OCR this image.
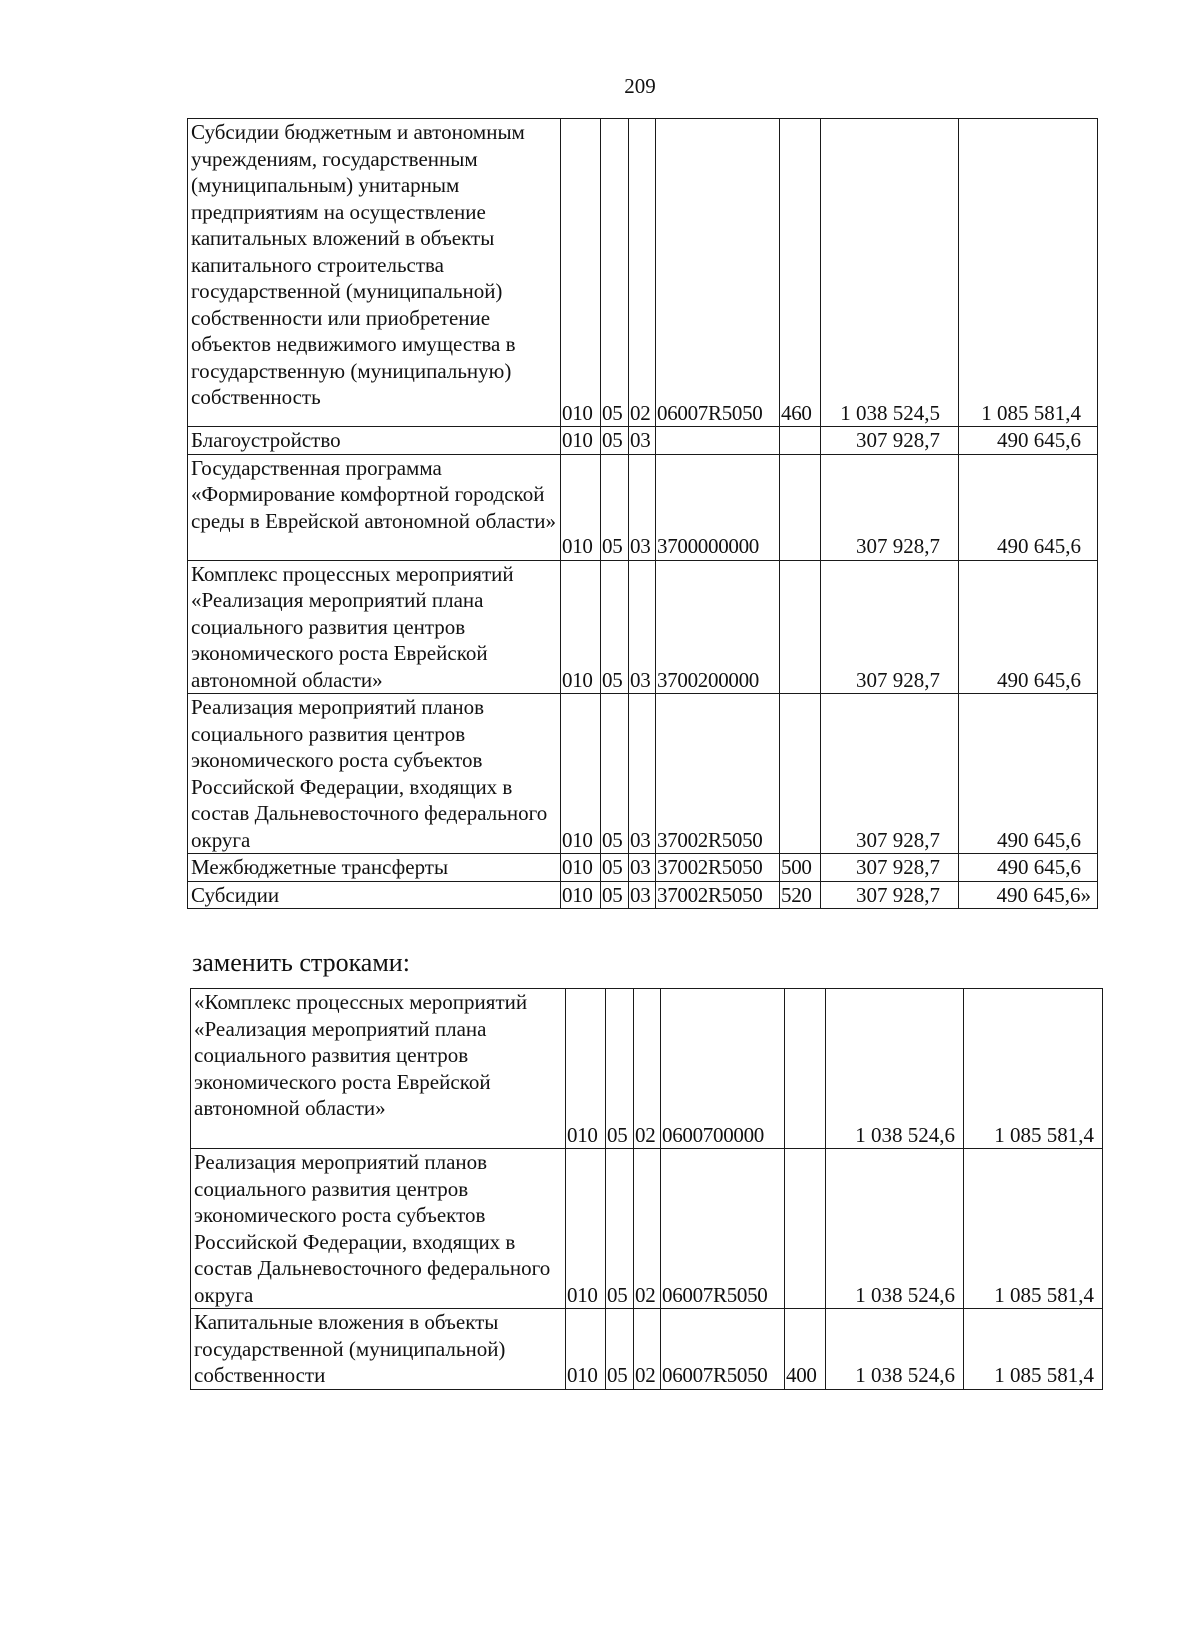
209
Субсидии бюджетным и автономным учреждениям, государственным (муниципальным) унитарным предприятиям на осуществление капитальных вложений в объекты капитального строительства государственной (муниципальной) собственности или приобретение объектов недвижимого имущества в государственную (муниципальную) собственность	010	05	02	06007R5050	460	1 038 524,5	1 085 581,4
Благоустройство	010	05	03			307 928,7	490 645,6
Государственная программа «Формирование комфортной городской среды в Еврейской автономной области»	010	05	03	3700000000		307 928,7	490 645,6
Комплекс процессных мероприятий «Реализация мероприятий плана социального развития центров экономического роста Еврейской автономной области»	010	05	03	3700200000		307 928,7	490 645,6
Реализация мероприятий планов социального развития центров экономического роста субъектов Российской Федерации, входящих в состав Дальневосточного федерального округа	010	05	03	37002R5050		307 928,7	490 645,6
Межбюджетные трансферты	010	05	03	37002R5050	500	307 928,7	490 645,6
Субсидии	010	05	03	37002R5050	520	307 928,7	490 645,6»
заменить строками:
«Комплекс процессных мероприятий «Реализация мероприятий плана социального развития центров экономического роста Еврейской автономной области»	010	05	02	0600700000		1 038 524,6	1 085 581,4
Реализация мероприятий планов социального развития центров экономического роста субъектов Российской Федерации, входящих в состав Дальневосточного федерального округа	010	05	02	06007R5050		1 038 524,6	1 085 581,4
Капитальные вложения в объекты государственной (муниципальной) собственности	010	05	02	06007R5050	400	1 038 524,6	1 085 581,4
